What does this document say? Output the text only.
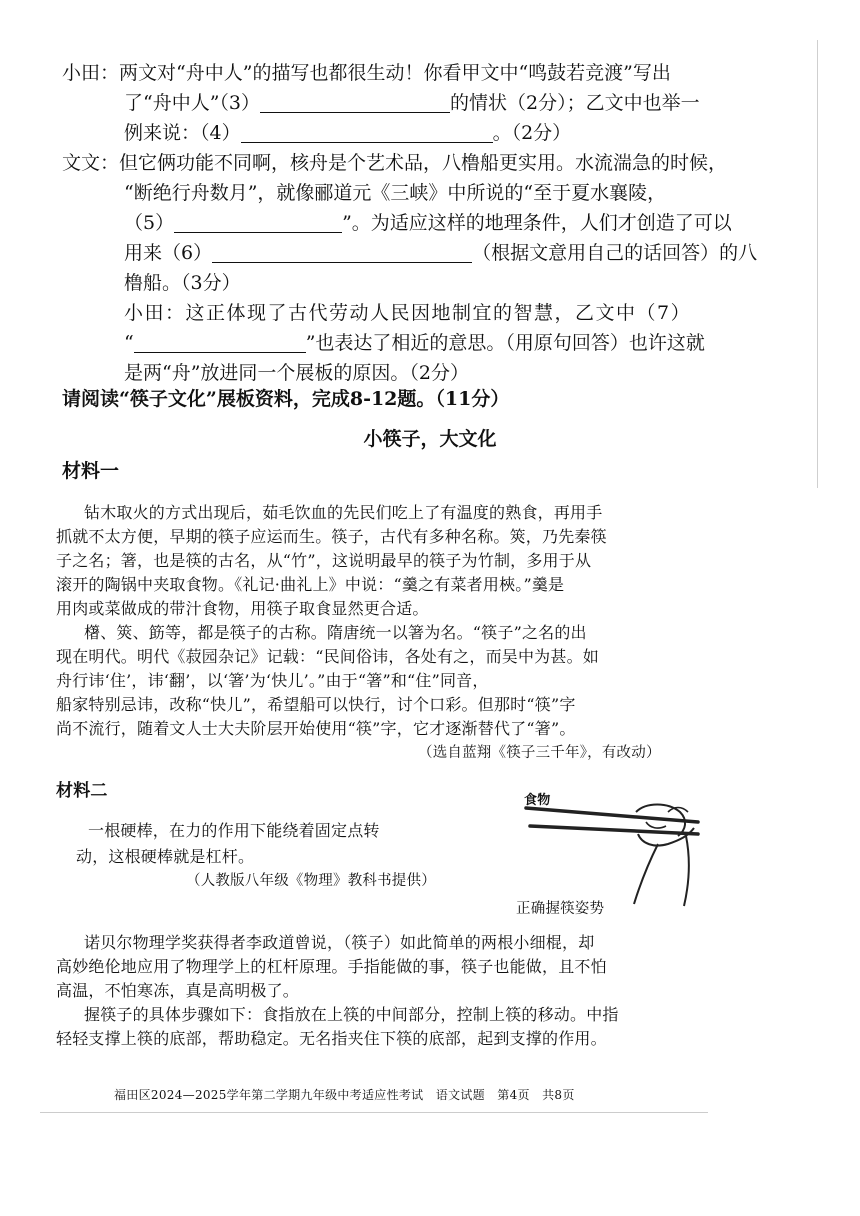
小田：两文对“舟中人”的描写也都很生动！你看甲文中“鸣鼓若竞渡”写出
了“舟中人”（3）	的情状（2分）；乙文中也举一
例来说：（4）	。（2分）
文文：但它俩功能不同啊，核舟是个艺术品，八橹船更实用。水流湍急的时候，
“断绝行舟数月”，就像郦道元《三峡》中所说的“至于夏水襄陵，
（5）	”。为适应这样的地理条件，人们才创造了可以
用来（6）	（根据文意用自己的话回答）的八
橹船。（3分）
小田：这正体现了古代劳动人民因地制宜的智慧，乙文中（7）
“	”也表达了相近的意思。（用原句回答）也许这就
是两“舟”放进同一个展板的原因。（2分）
请阅读“筷子文化”展板资料，完成8-12题。（11分）
小筷子，大文化
材料一
钻木取火的方式出现后，茹毛饮血的先民们吃上了有温度的熟食，再用手
抓就不太方便，早期的筷子应运而生。筷子，古代有多种名称。筴，乃先秦筷
子之名；箸，也是筷的古名，从“竹”，这说明最早的筷子为竹制，多用于从
滚开的陶锅中夹取食物。《礼记·曲礼上》中说：“羹之有菜者用梜。”羹是
用肉或菜做成的带汁食物，用筷子取食显然更合适。
櫡、筴、筯等，都是筷子的古称。隋唐统一以箸为名。“筷子”之名的出
现在明代。明代《菽园杂记》记载：“民间俗讳，各处有之，而吴中为甚。如
舟行讳‘住’，讳‘翻’，以‘箸’为‘快儿’。”由于“箸”和“住”同音，
船家特别忌讳，改称“快儿”，希望船可以快行，讨个口彩。但那时“筷”字
尚不流行，随着文人士大夫阶层开始使用“筷”字，它才逐渐替代了“箸”。
（选自蓝翔《筷子三千年》，有改动）
材料二
一根硬棒，在力的作用下能绕着固定点转
动，这根硬棒就是杠杆。
（人教版八年级《物理》教科书提供）
食物
正确握筷姿势
诺贝尔物理学奖获得者李政道曾说，（筷子）如此简单的两根小细棍，却
高妙绝伦地应用了物理学上的杠杆原理。手指能做的事，筷子也能做，且不怕
高温，不怕寒冻，真是高明极了。
握筷子的具体步骤如下：食指放在上筷的中间部分，控制上筷的移动。中指
轻轻支撑上筷的底部，帮助稳定。无名指夹住下筷的底部，起到支撑的作用。
福田区2024—2025学年第二学期九年级中考适应性考试　语文试题　第4页　共8页
